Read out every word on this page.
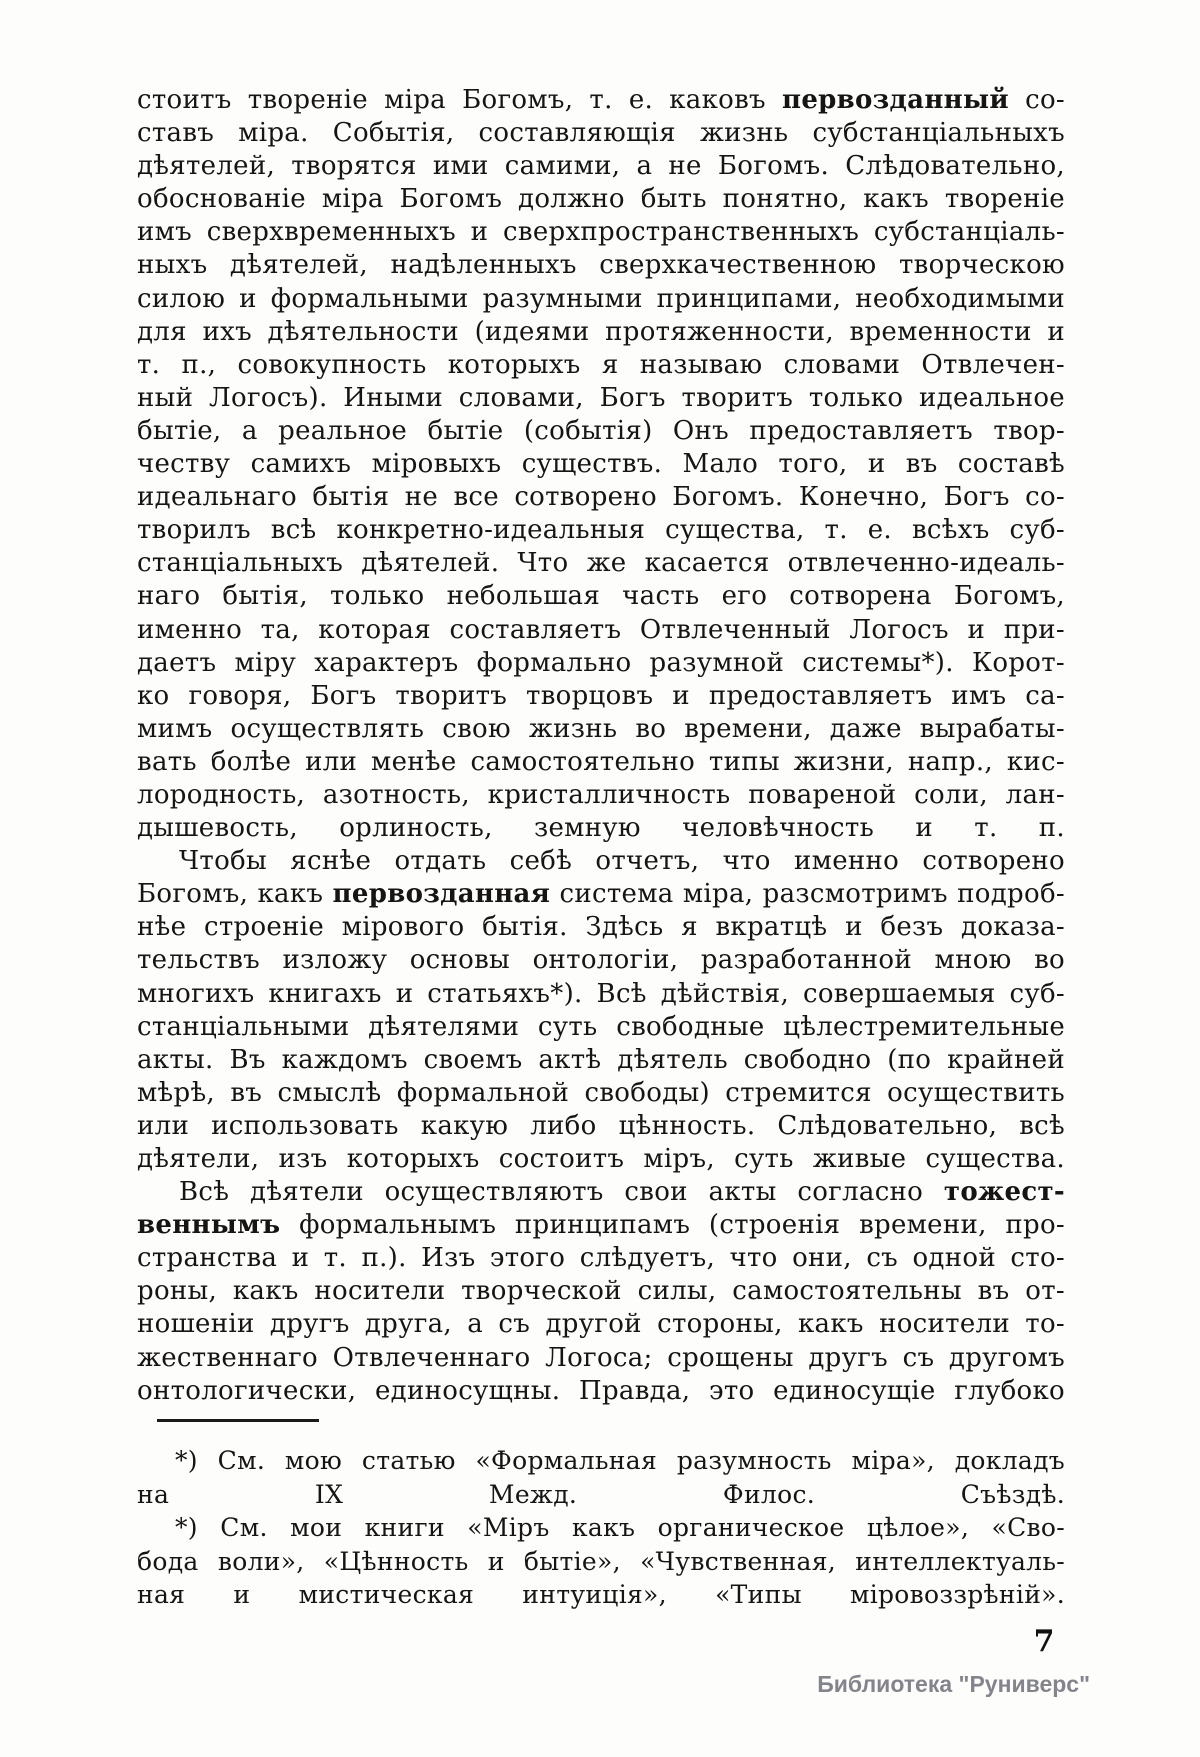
стоитъ твореніе міра Богомъ, т. е. каковъ первозданный со-
ставъ міра. Событія, составляющія жизнь субстанціальныхъ
дѣятелей, творятся ими самими, а не Богомъ. Слѣдовательно,
обоснованіе міра Богомъ должно быть понятно, какъ твореніе
имъ сверхвременныхъ и сверхпространственныхъ субстанціаль-
ныхъ дѣятелей, надѣленныхъ сверхкачественною творческою
силою и формальными разумными принципами, необходимыми
для ихъ дѣятельности (идеями протяженности, временности и
т. п., совокупность которыхъ я называю словами Отвлечен-
ный Логосъ). Иными словами, Богъ творитъ только идеальное
бытіе, а реальное бытіе (событія) Онъ предоставляетъ твор-
честву самихъ міровыхъ существъ. Мало того, и въ составѣ
идеальнаго бытія не все сотворено Богомъ. Конечно, Богъ со-
творилъ всѣ конкретно-идеальныя существа, т. е. всѣхъ суб-
станціальныхъ дѣятелей. Что же касается отвлеченно-идеаль-
наго бытія, только небольшая часть его сотворена Богомъ,
именно та, которая составляетъ Отвлеченный Логосъ и при-
даетъ міру характеръ формально разумной системы*). Корот-
ко говоря, Богъ творитъ творцовъ и предоставляетъ имъ са-
мимъ осуществлять свою жизнь во времени, даже вырабаты-
вать болѣе или менѣе самостоятельно типы жизни, напр., кис-
лородность, азотность, кристалличность повареной соли, лан-
дышевость, орлиность, земную человѣчность и т. п.
Чтобы яснѣе отдать себѣ отчетъ, что именно сотворено
Богомъ, какъ первозданная система міра, разсмотримъ подроб-
нѣе строеніе мірового бытія. Здѣсь я вкратцѣ и безъ доказа-
тельствъ изложу основы онтологіи, разработанной мною во
многихъ книгахъ и статьяхъ*). Всѣ дѣйствія, совершаемыя суб-
станціальными дѣятелями суть свободные цѣлестремительные
акты. Въ каждомъ своемъ актѣ дѣятель свободно (по крайней
мѣрѣ, въ смыслѣ формальной свободы) стремится осуществить
или использовать какую либо цѣнность. Слѣдовательно, всѣ
дѣятели, изъ которыхъ состоитъ міръ, суть живые существа.
Всѣ дѣятели осуществляютъ свои акты согласно тожест-
веннымъ формальнымъ принципамъ (строенія времени, про-
странства и т. п.). Изъ этого слѣдуетъ, что они, съ одной сто-
роны, какъ носители творческой силы, самостоятельны въ от-
ношеніи другъ друга, а съ другой стороны, какъ носители то-
жественнаго Отвлеченнаго Логоса; срощены другъ съ другомъ
онтологически, единосущны. Правда, это единосущіе глубоко
*) См. мою статью «Формальная разумность міра», докладъ
на IX Межд. Филос. Съѣздѣ.
*) См. мои книги «Міръ какъ органическое цѣлое», «Сво-
бода воли», «Цѣнность и бытіе», «Чувственная, интеллектуаль-
ная и мистическая интуиція», «Типы міровоззрѣній».
7
Библиотека "Руниверс"
